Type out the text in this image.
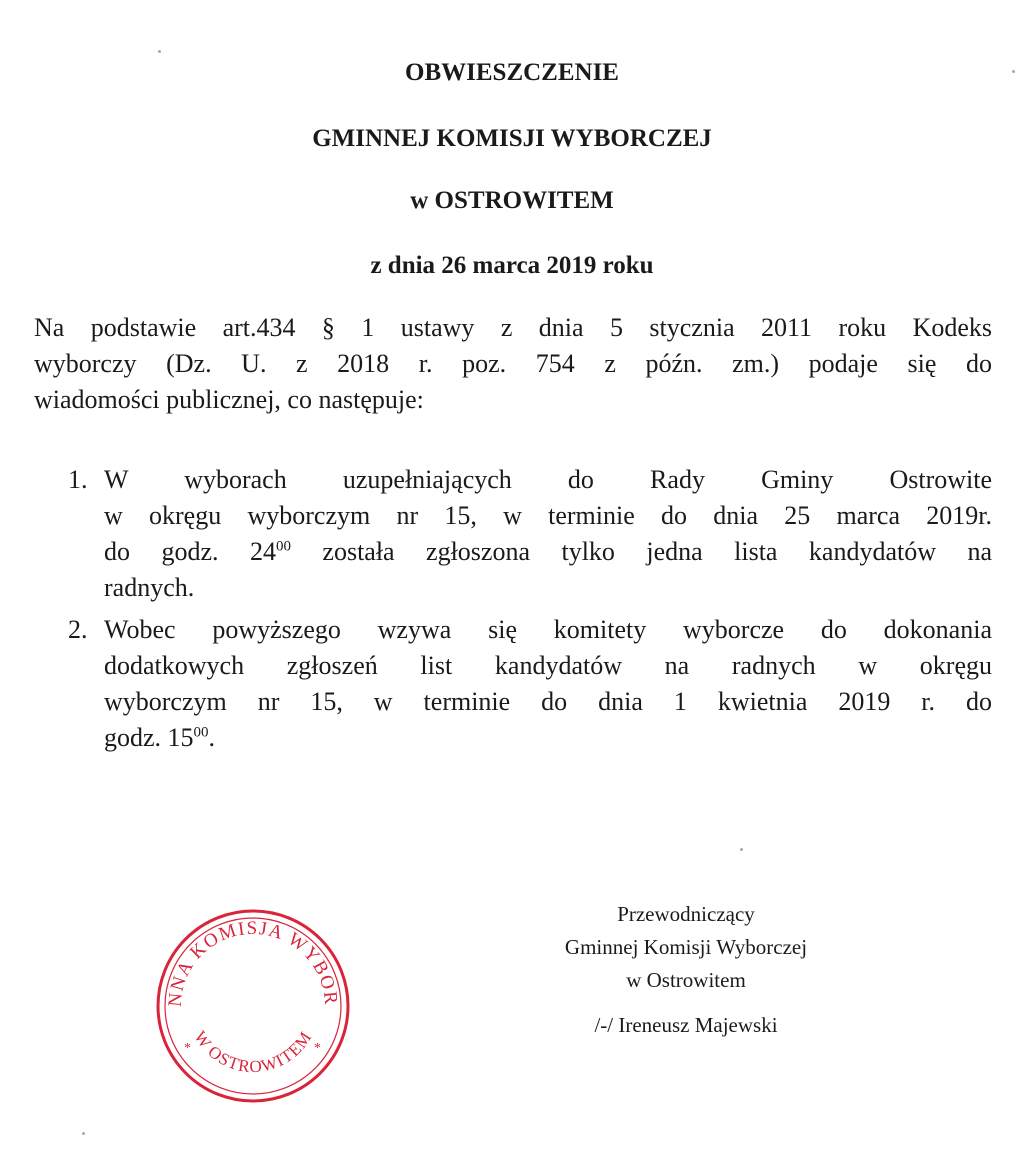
OBWIESZCZENIE
GMINNEJ KOMISJI WYBORCZEJ
w OSTROWITEM
z dnia 26 marca 2019 roku
Na podstawie art.434 § 1 ustawy z dnia 5 stycznia 2011 roku Kodeks
wyborczy (Dz. U. z 2018 r. poz. 754 z późn. zm.) podaje się do
wiadomości publicznej, co następuje:
1. W wyborach uzupełniających do Rady Gminy Ostrowite
w okręgu wyborczym nr 15, w terminie do dnia 25 marca 2019r.
do godz. $24^{00}$ została zgłoszona tylko jedna lista kandydatów na
radnych.
2. Wobec powyższego wzywa się komitety wyborcze do dokonania
dodatkowych zgłoszeń list kandydatów na radnych w okręgu
wyborczym nr 15, w terminie do dnia 1 kwietnia 2019 r. do
godz. $15^{00}$.
NNA KOMISJA WYBOR
W OSTROWITEM
*	*
Przewodniczący
Gminnej Komisji Wyborczej
w Ostrowitem
/-/ Ireneusz Majewski
